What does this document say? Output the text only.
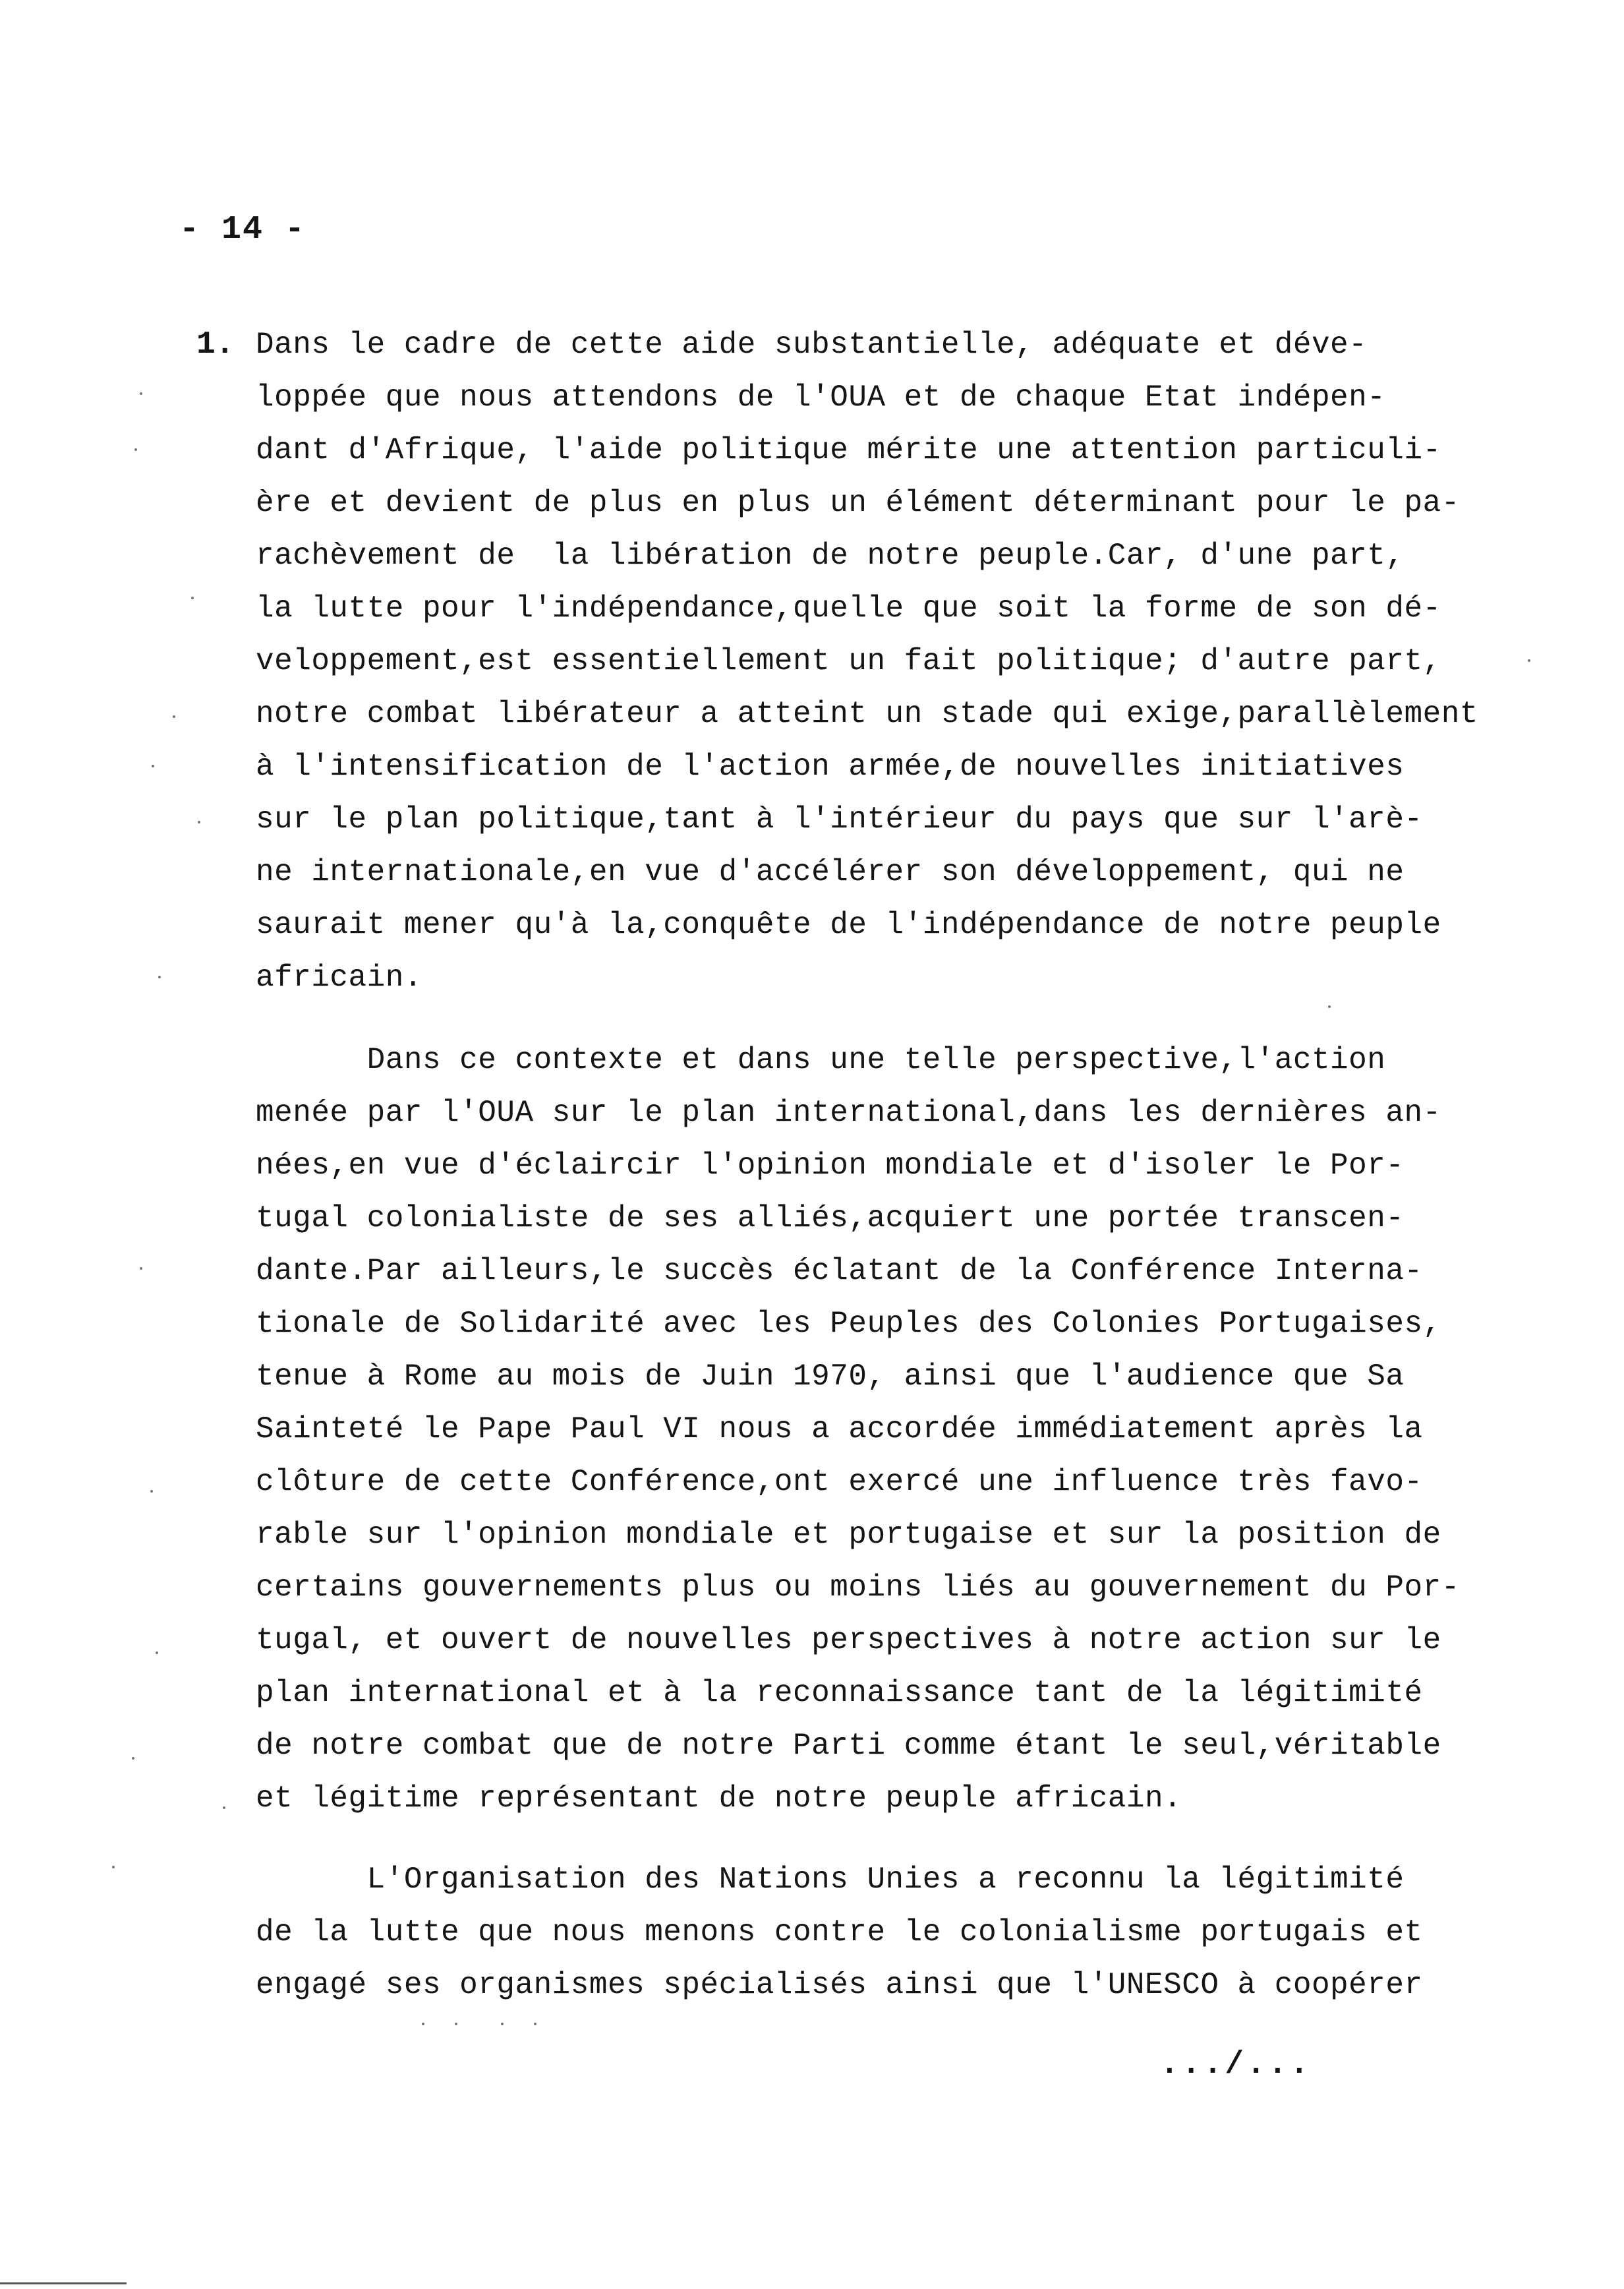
- 14 -
1. Dans le cadre de cette aide substantielle, adéquate et déve-
loppée que nous attendons de l'OUA et de chaque Etat indépen-
dant d'Afrique, l'aide politique mérite une attention particuli-
ère et devient de plus en plus un élément déterminant pour le pa-
rachèvement de  la libération de notre peuple.Car, d'une part,
la lutte pour l'indépendance,quelle que soit la forme de son dé-
veloppement,est essentiellement un fait politique; d'autre part,
notre combat libérateur a atteint un stade qui exige,parallèlement
à l'intensification de l'action armée,de nouvelles initiatives
sur le plan politique,tant à l'intérieur du pays que sur l'arè-
ne internationale,en vue d'accélérer son développement, qui ne
saurait mener qu'à la,conquête de l'indépendance de notre peuple
africain.
Dans ce contexte et dans une telle perspective,l'action
menée par l'OUA sur le plan international,dans les dernières an-
nées,en vue d'éclaircir l'opinion mondiale et d'isoler le Por-
tugal colonialiste de ses alliés,acquiert une portée transcen-
dante.Par ailleurs,le succès éclatant de la Conférence Interna-
tionale de Solidarité avec les Peuples des Colonies Portugaises,
tenue à Rome au mois de Juin 1970, ainsi que l'audience que Sa
Sainteté le Pape Paul VI nous a accordée immédiatement après la
clôture de cette Conférence,ont exercé une influence très favo-
rable sur l'opinion mondiale et portugaise et sur la position de
certains gouvernements plus ou moins liés au gouvernement du Por-
tugal, et ouvert de nouvelles perspectives à notre action sur le
plan international et à la reconnaissance tant de la légitimité
de notre combat que de notre Parti comme étant le seul,véritable
et légitime représentant de notre peuple africain.
L'Organisation des Nations Unies a reconnu la légitimité
de la lutte que nous menons contre le colonialisme portugais et
engagé ses organismes spécialisés ainsi que l'UNESCO à coopérer
.../...
